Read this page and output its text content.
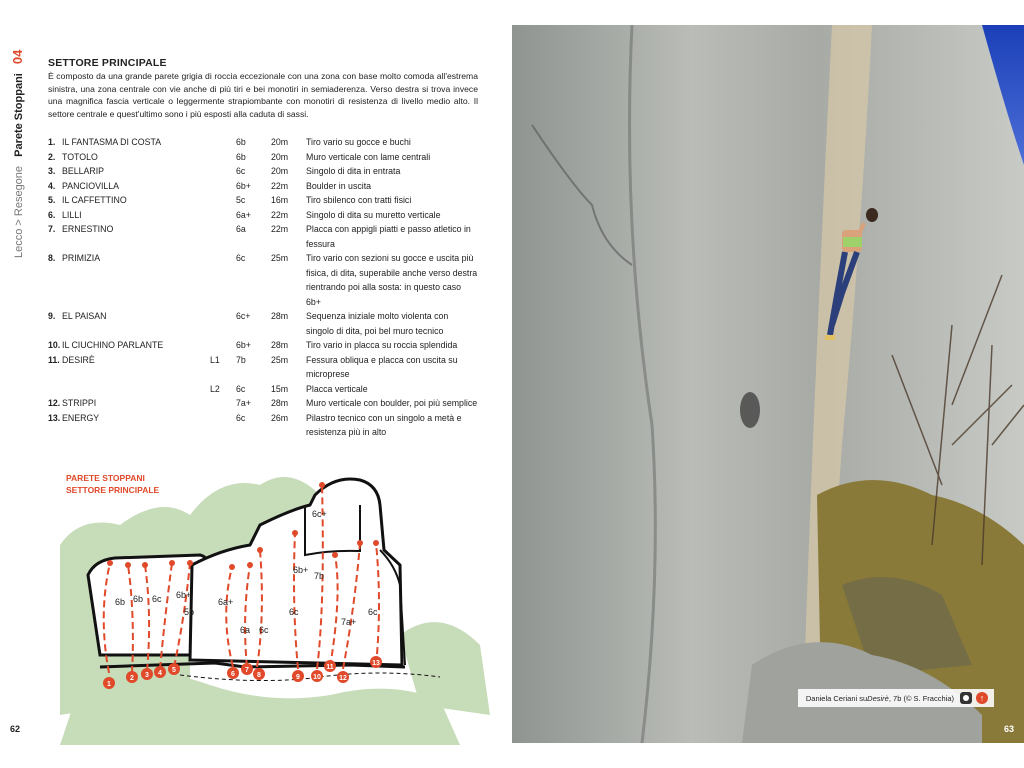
Lecco > Resegone Parete Stoppani 04 SETTORE PRINCIPALE
È composto da una grande parete grigia di roccia eccezionale con una zona con base molto comoda all'estrema sinistra, una zona centrale con vie anche di più tiri e bei monotiri in semiaderenza. Verso destra si trova invece una magnifica fascia verticale o leggermente strapiombante con monotiri di resistenza di livello medio alto. Il settore centrale e quest'ultimo sono i più esposti alla caduta di sassi.
1. IL FANTASMA DI COSTA	6b	20m	Tiro vario su gocce e buchi
2. TOTOLO	6b	20m	Muro verticale con lame centrali
3. BELLARIP	6c	20m	Singolo di dita in entrata
4. PANCIOVILLA	6b+	22m	Boulder in uscita
5. IL CAFFETTINO	5c	16m	Tiro sbilenco con tratti fisici
6. LILLI	6a+	22m	Singolo di dita su muretto verticale
7. ERNESTINO	6a	22m	Placca con appigli piatti e passo atletico in fessura
8. PRIMIZIA	6c	25m	Tiro vario con sezioni su gocce e uscita più fisica, di dita, superabile anche verso destra rientrando poi alla sosta: in questo caso 6b+
9. EL PAISAN	6c+	28m	Sequenza iniziale molto violenta con singolo di dita, poi bel muro tecnico
10. IL CIUCHINO PARLANTE	6b+	28m	Tiro vario in placca su roccia splendida
11. DESIRÈ	L1	7b	25m	Fessura obliqua e placca con uscita su microprese
L2	6c	15m	Placca verticale
12. STRIPPI	7a+	28m	Muro verticale con boulder, poi più semplice
13. ENERGY	6c	26m	Pilastro tecnico con un singolo a metà e resistenza più in alto
6b 6b 6c 6b+
5b
6a+
6a 6c
6b+
6c+
7b
6c
7a+
6c
1
2 3 4 5
6
7
8	9 10
11
12
13
PARETE STOPPANI
SETTORE PRINCIPALE
62
Daniela Ceriani su Desirè , 7b (© S. Fracchia)	↑
63
